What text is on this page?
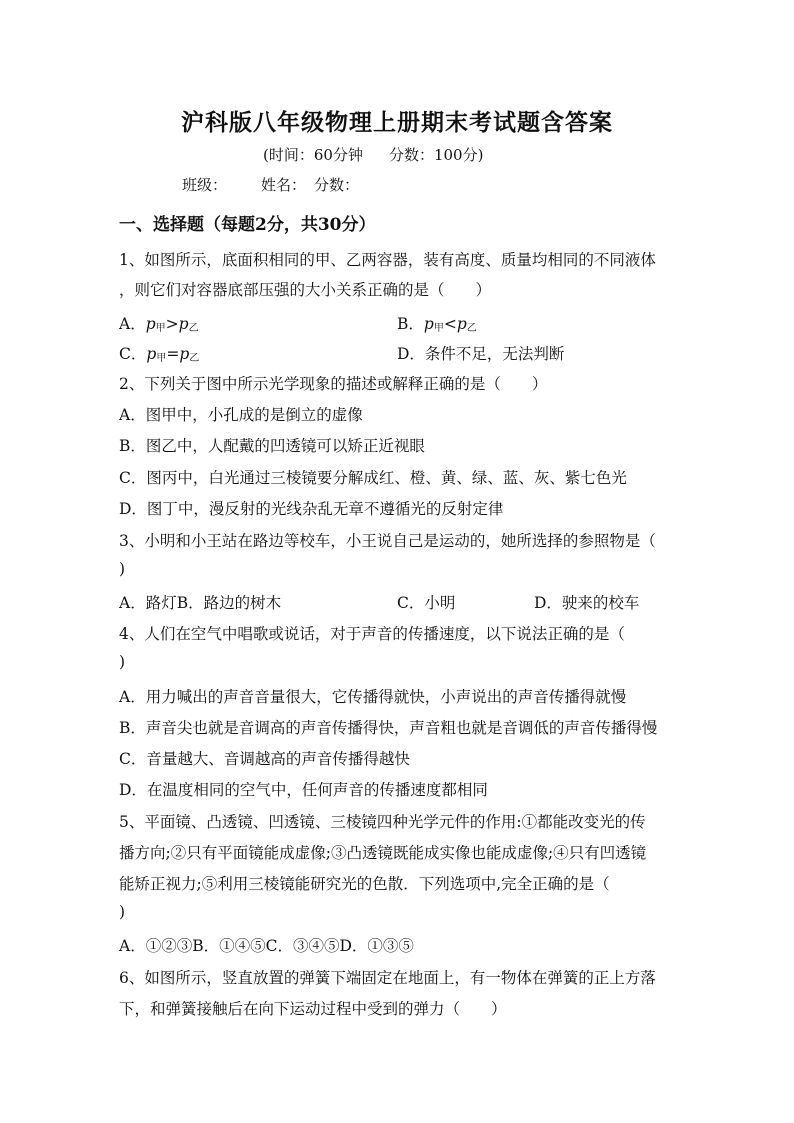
沪科版八年级物理上册期末考试题含答案
(时间：60分钟 分数：100分)
班级： 姓名： 分数：
一、选择题（每题2分，共30分）
1、如图所示，底面积相同的甲、乙两容器，装有高度、质量均相同的不同液体
，则它们对容器底部压强的大小关系正确的是（　　）
A．$p_甲>p_乙$	B．$p_甲<p_乙$
C．$p_甲=p_乙$	D．条件不足，无法判断
2、下列关于图中所示光学现象的描述或解释正确的是（　　）
A．图甲中，小孔成的是倒立的虚像
B．图乙中，人配戴的凹透镜可以矫正近视眼
C．图丙中，白光通过三棱镜要分解成红、橙、黄、绿、蓝、灰、紫七色光
D．图丁中，漫反射的光线杂乱无章不遵循光的反射定律
3、小明和小王站在路边等校车，小王说自己是运动的，她所选择的参照物是（
)
A．路灯B．路边的树木	C．小明	D．驶来的校车
4、人们在空气中唱歌或说话，对于声音的传播速度，以下说法正确的是（
)
A．用力喊出的声音音量很大，它传播得就快，小声说出的声音传播得就慢
B．声音尖也就是音调高的声音传播得快，声音粗也就是音调低的声音传播得慢
C．音量越大、音调越高的声音传播得越快
D．在温度相同的空气中，任何声音的传播速度都相同
5、平面镜、凸透镜、凹透镜、三棱镜四种光学元件的作用:①都能改变光的传
播方向;②只有平面镜能成虚像;③凸透镜既能成实像也能成虚像;④只有凹透镜
能矫正视力;⑤利用三棱镜能研究光的色散．下列选项中,完全正确的是（
)
A．①②③B．①④⑤C．③④⑤D．①③⑤
6、如图所示，竖直放置的弹簧下端固定在地面上，有一物体在弹簧的正上方落
下，和弹簧接触后在向下运动过程中受到的弹力（　　）
